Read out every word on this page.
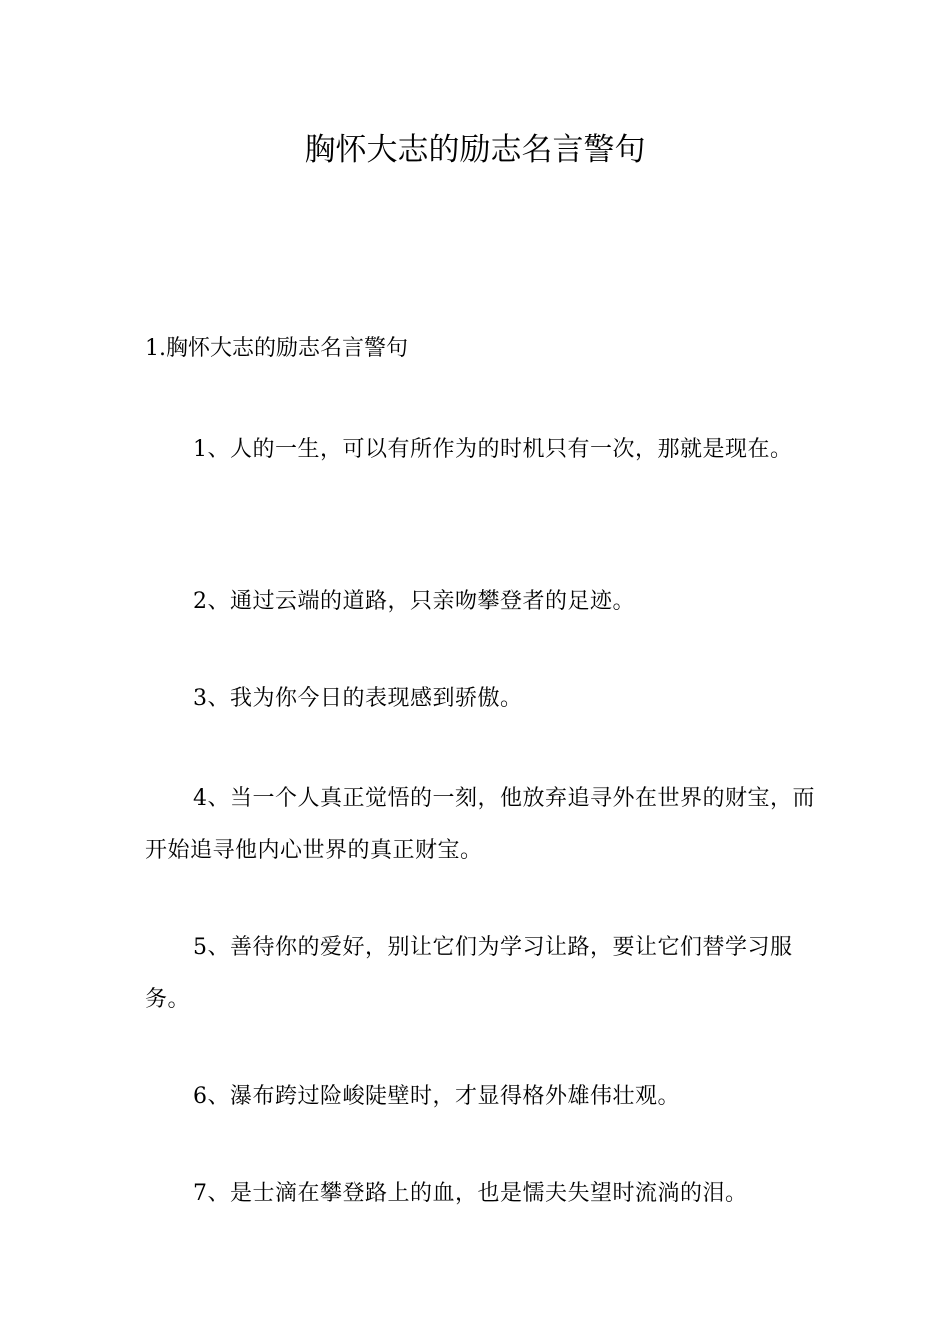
胸怀大志的励志名言警句

1.胸怀大志的励志名言警句

1、人的一生，可以有所作为的时机只有一次，那就是现在。

2、通过云端的道路，只亲吻攀登者的足迹。

3、我为你今日的表现感到骄傲。

4、当一个人真正觉悟的一刻，他放弃追寻外在世界的财宝，而开始追寻他内心世界的真正财宝。

5、善待你的爱好，别让它们为学习让路，要让它们替学习服务。

6、瀑布跨过险峻陡壁时，才显得格外雄伟壮观。

7、是士滴在攀登路上的血，也是懦夫失望时流淌的泪。
